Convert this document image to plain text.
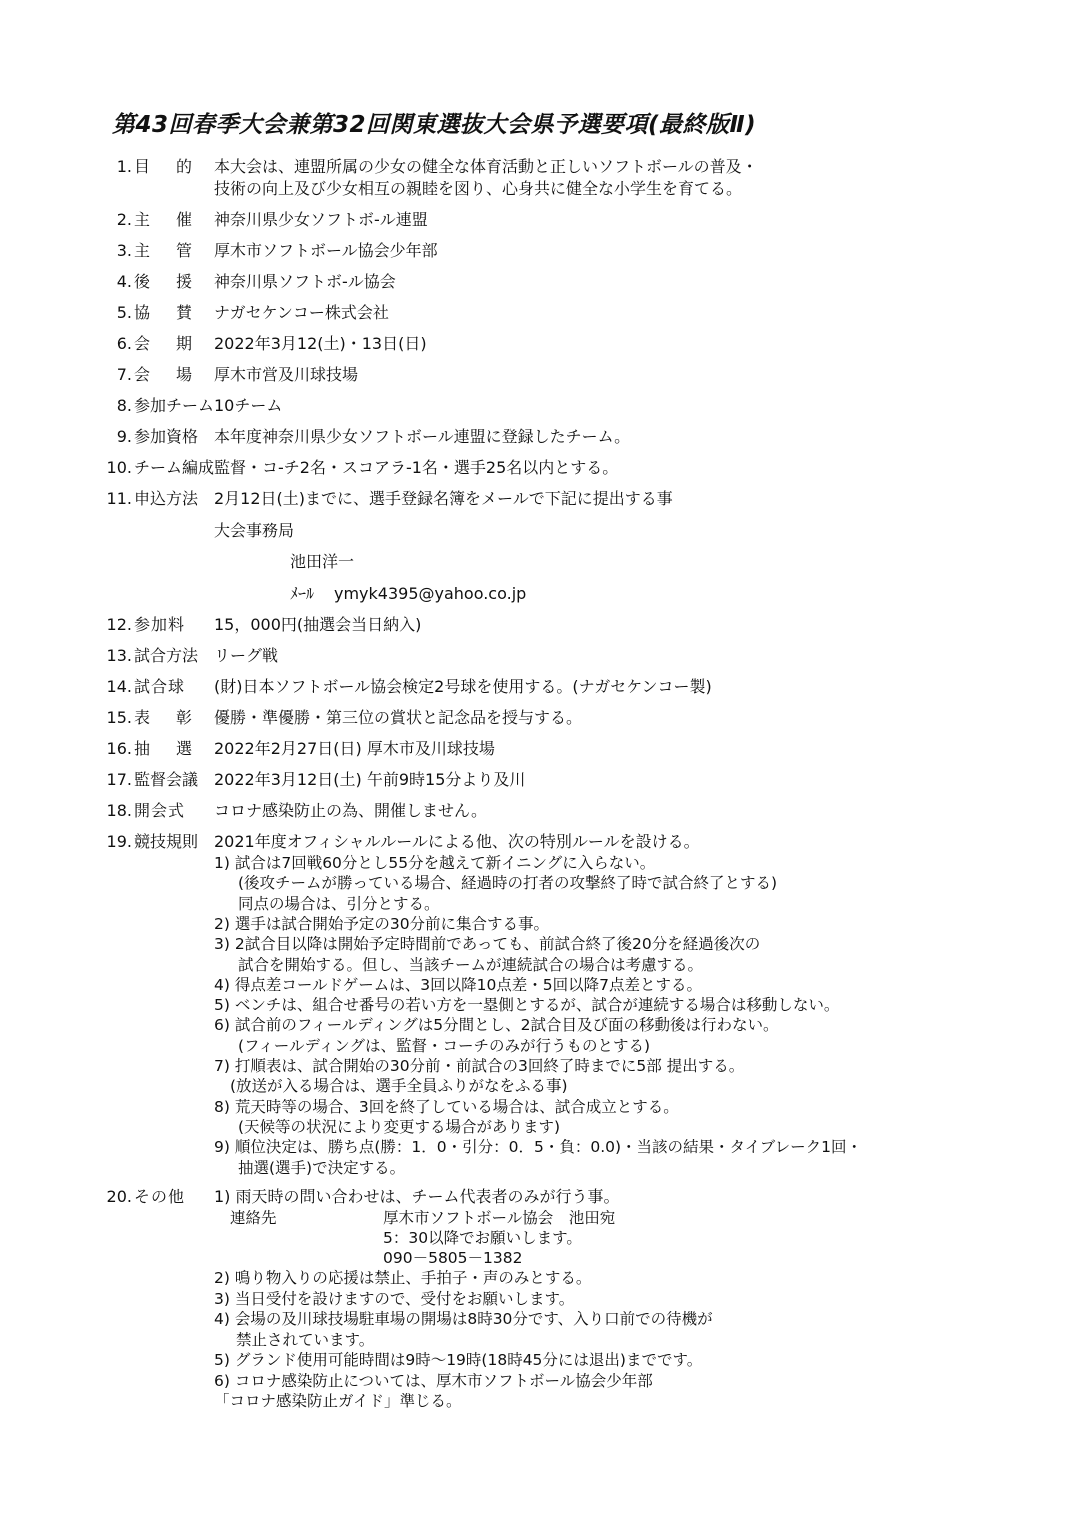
第43回春季大会兼第32回関東選抜大会県予選要項(最終版Ⅱ)
1. 目 的 本大会は、連盟所属の少女の健全な体育活動と正しいソフトボールの普及・
技術の向上及び少女相互の親睦を図り、心身共に健全な小学生を育てる。
2. 主 催 神奈川県少女ソフトボ-ル連盟
3. 主 管 厚木市ソフトボール協会少年部
4. 後 援 神奈川県ソフトボ-ル協会
5. 協 賛 ナガセケンコー株式会社
6. 会 期 2022年3月12(土)・13日(日)
7. 会 場 厚木市営及川球技場
8. 参加チーム 10チーム
9. 参加資格 本年度神奈川県少女ソフトボール連盟に登録したチーム。
10. チーム編成 監督・コ-チ2名・スコアラ-1名・選手25名以内とする。
11. 申込方法 2月12日(土)までに、選手登録名簿をメールで下記に提出する事
12. 参 加 料 15，000円(抽選会当日納入)
13. 試合方法 リーグ戦
14. 試 合 球 (財)日本ソフトボール協会検定2号球を使用する。(ナガセケンコー製)
15. 表 彰 優勝・準優勝・第三位の賞状と記念品を授与する。
16. 抽 選 2022年2月27日(日) 厚木市及川球技場
17. 監督会議 2022年3月12日(土) 午前9時15分より及川
18. 開 会 式 コロナ感染防止の為、開催しません。
19. 競技規則 2021年度オフィシャルルールによる他、次の特別ルールを設ける。
20. そ の 他 1) 雨天時の問い合わせは、チーム代表者のみが行う事。
大会事務局
池田洋一
ﾒｰﾙ ymyk4395@yahoo.co.jp
1) 試合は7回戦60分とし55分を越えて新イニングに入らない。
(後攻チームが勝っている場合、経過時の打者の攻撃終了時で試合終了とする)
同点の場合は、引分とする。
2) 選手は試合開始予定の30分前に集合する事。
3) 2試合目以降は開始予定時間前であっても、前試合終了後20分を経過後次の
試合を開始する。但し、当該チームが連続試合の場合は考慮する。
4) 得点差コールドゲームは、3回以降10点差・5回以降7点差とする。
5) ベンチは、組合せ番号の若い方を一塁側とするが、試合が連続する場合は移動しない。
6) 試合前のフィールディングは5分間とし、2試合目及び面の移動後は行わない。
(フィールディングは、監督・コーチのみが行うものとする)
7) 打順表は、試合開始の30分前・前試合の3回終了時までに5部 提出する。
(放送が入る場合は、選手全員ふりがなをふる事)
8) 荒天時等の場合、3回を終了している場合は、試合成立とする。
(天候等の状況により変更する場合があります)
9) 順位決定は、勝ち点(勝：1．0・引分：0．5・負：0.0)・当該の結果・タイブレーク1回・
抽選(選手)で決定する。
連絡先	厚木市ソフトボール協会　池田宛
5：30以降でお願いします。
090－5805－1382
2) 鳴り物入りの応援は禁止、手拍子・声のみとする。
3) 当日受付を設けますので、受付をお願いします。
4) 会場の及川球技場駐車場の開場は8時30分です、入り口前での待機が
禁止されています。
5) グランド使用可能時間は9時～19時(18時45分には退出)までです。
6) コロナ感染防止については、厚木市ソフトボール協会少年部
「コロナ感染防止ガイド」準じる。
